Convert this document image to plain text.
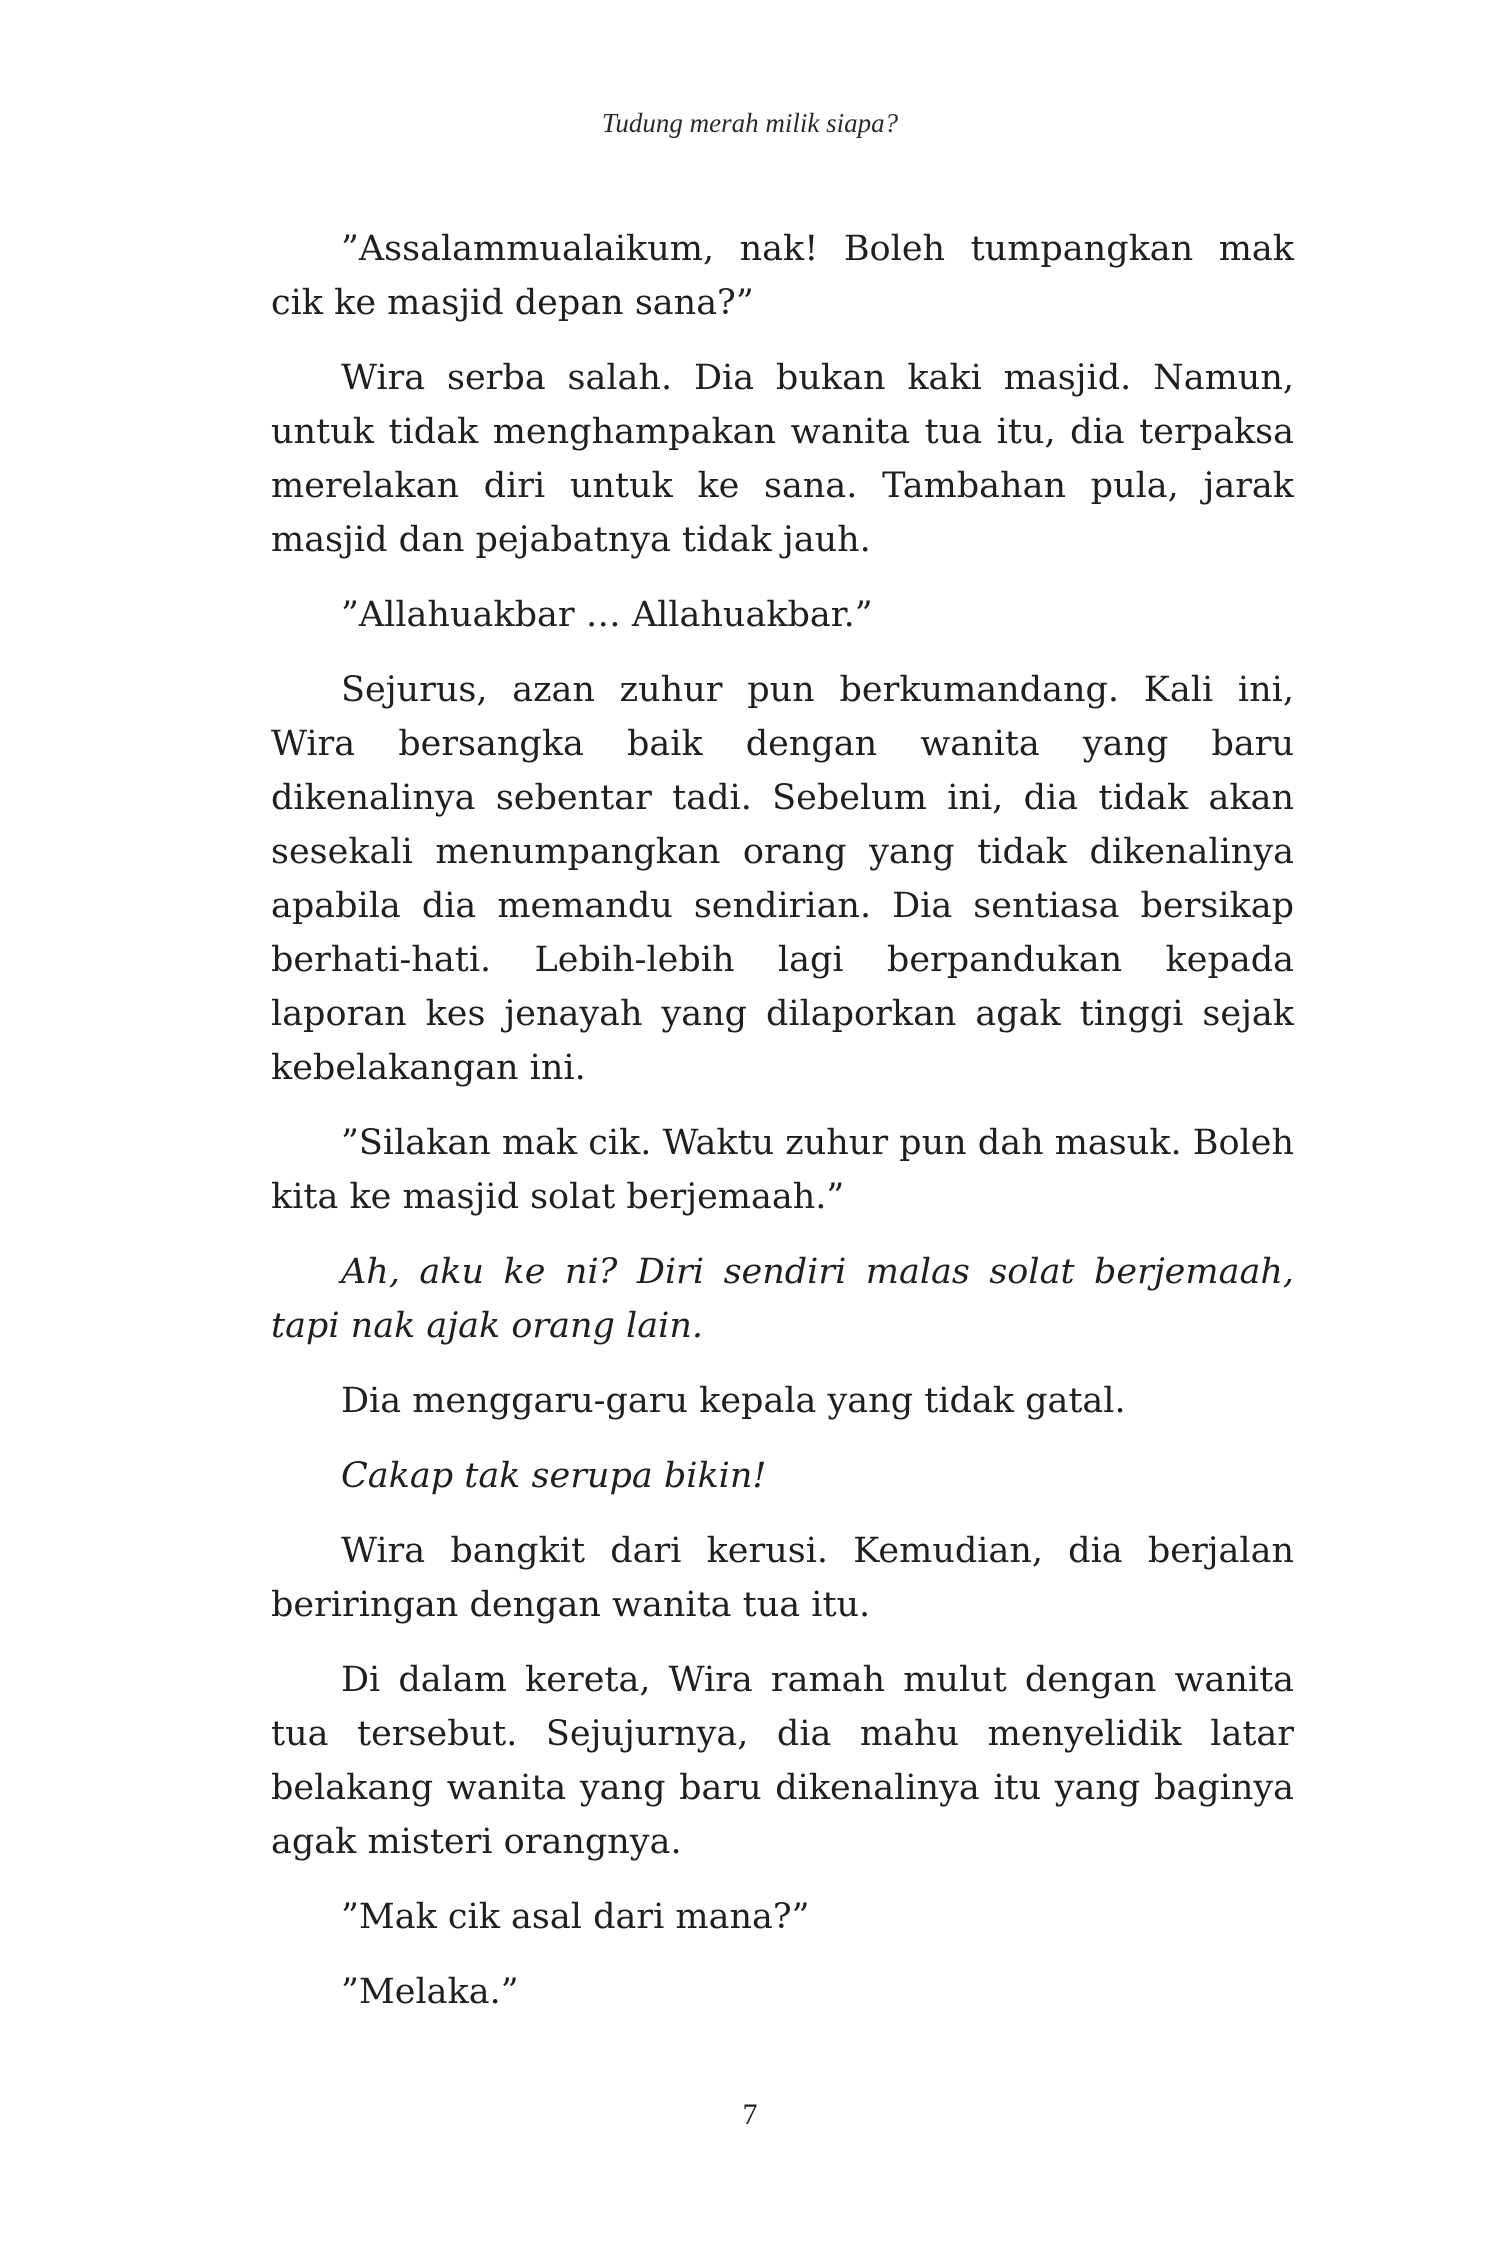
Tudung merah milik siapa?

”Assalammualaikum, nak! Boleh tumpangkan mak cik ke masjid depan sana?”

Wira serba salah. Dia bukan kaki masjid. Namun, untuk tidak menghampakan wanita tua itu, dia terpaksa merelakan diri untuk ke sana. Tambahan pula, jarak masjid dan pejabatnya tidak jauh.

”Allahuakbar … Allahuakbar.”

Sejurus, azan zuhur pun berkumandang. Kali ini, Wira bersangka baik dengan wanita yang baru dikenalinya sebentar tadi. Sebelum ini, dia tidak akan sesekali menumpangkan orang yang tidak dikenalinya apabila dia memandu sendirian. Dia sentiasa bersikap berhati-hati. Lebih-lebih lagi berpandukan kepada laporan kes jenayah yang dilaporkan agak tinggi sejak kebelakangan ini.

”Silakan mak cik. Waktu zuhur pun dah masuk. Boleh kita ke masjid solat berjemaah.”

Ah, aku ke ni? Diri sendiri malas solat berjemaah, tapi nak ajak orang lain.

Dia menggaru-garu kepala yang tidak gatal.

Cakap tak serupa bikin!

Wira bangkit dari kerusi. Kemudian, dia berjalan beriringan dengan wanita tua itu.

Di dalam kereta, Wira ramah mulut dengan wanita tua tersebut. Sejujurnya, dia mahu menyelidik latar belakang wanita yang baru dikenalinya itu yang baginya agak misteri orangnya.

”Mak cik asal dari mana?”

”Melaka.”

7
